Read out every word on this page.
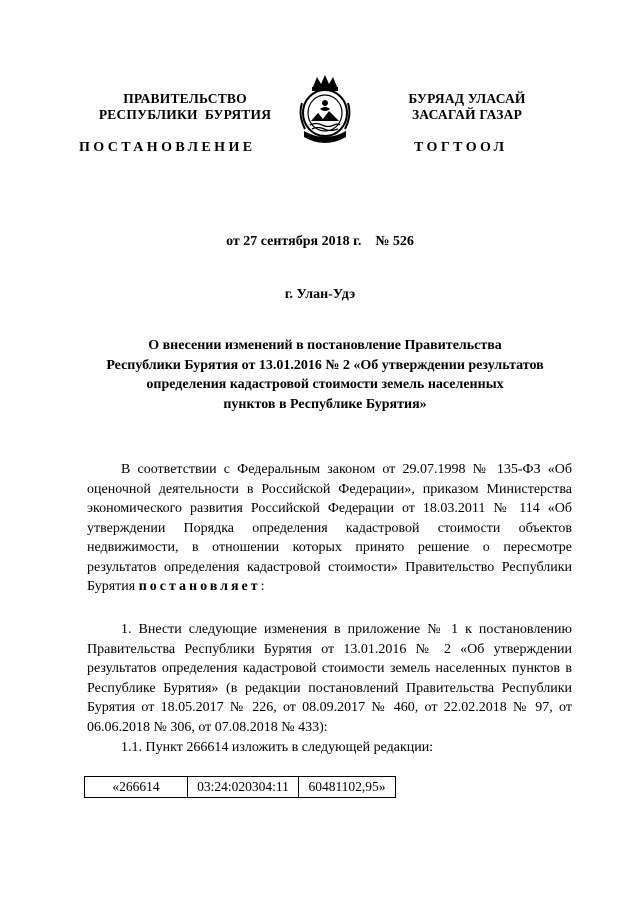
ПРАВИТЕЛЬСТВО
РЕСПУБЛИКИ  БУРЯТИЯ
БУРЯАД УЛАСАЙ
ЗАСАГАЙ ГАЗАР
ПОСТАНОВЛЕНИЕ	ТОГТООЛ
от 27 сентября 2018 г. № 526
г. Улан-Удэ
О внесении изменений в постановление Правительства
Республики Бурятия от 13.01.2016 № 2 «Об утверждении результатов
определения кадастровой стоимости земель населенных
пунктов в Республике Бурятия»
В соответствии с Федеральным законом от 29.07.1998 № 135-ФЗ «Об оценочной деятельности в Российской Федерации», приказом Министерства экономического развития Российской Федерации от 18.03.2011 № 114 «Об утверждении Порядка определения кадастровой стоимости объектов недвижимости, в отношении которых принято решение о пересмотре результатов определения кадастровой стоимости» Правительство Республики Бурятия постановляет:
1. Внести следующие изменения в приложение № 1 к постановлению Правительства Республики Бурятия от 13.01.2016 № 2 «Об утверждении результатов определения кадастровой стоимости земель населенных пунктов в Республике Бурятия» (в редакции постановлений Правительства Республики Бурятия от 18.05.2017 № 226, от 08.09.2017 № 460, от 22.02.2018 № 97, от 06.06.2018 № 306, от 07.08.2018 № 433):
1.1. Пункт 266614 изложить в следующей редакции:
«266614	03:24:020304:11	60481102,95»
